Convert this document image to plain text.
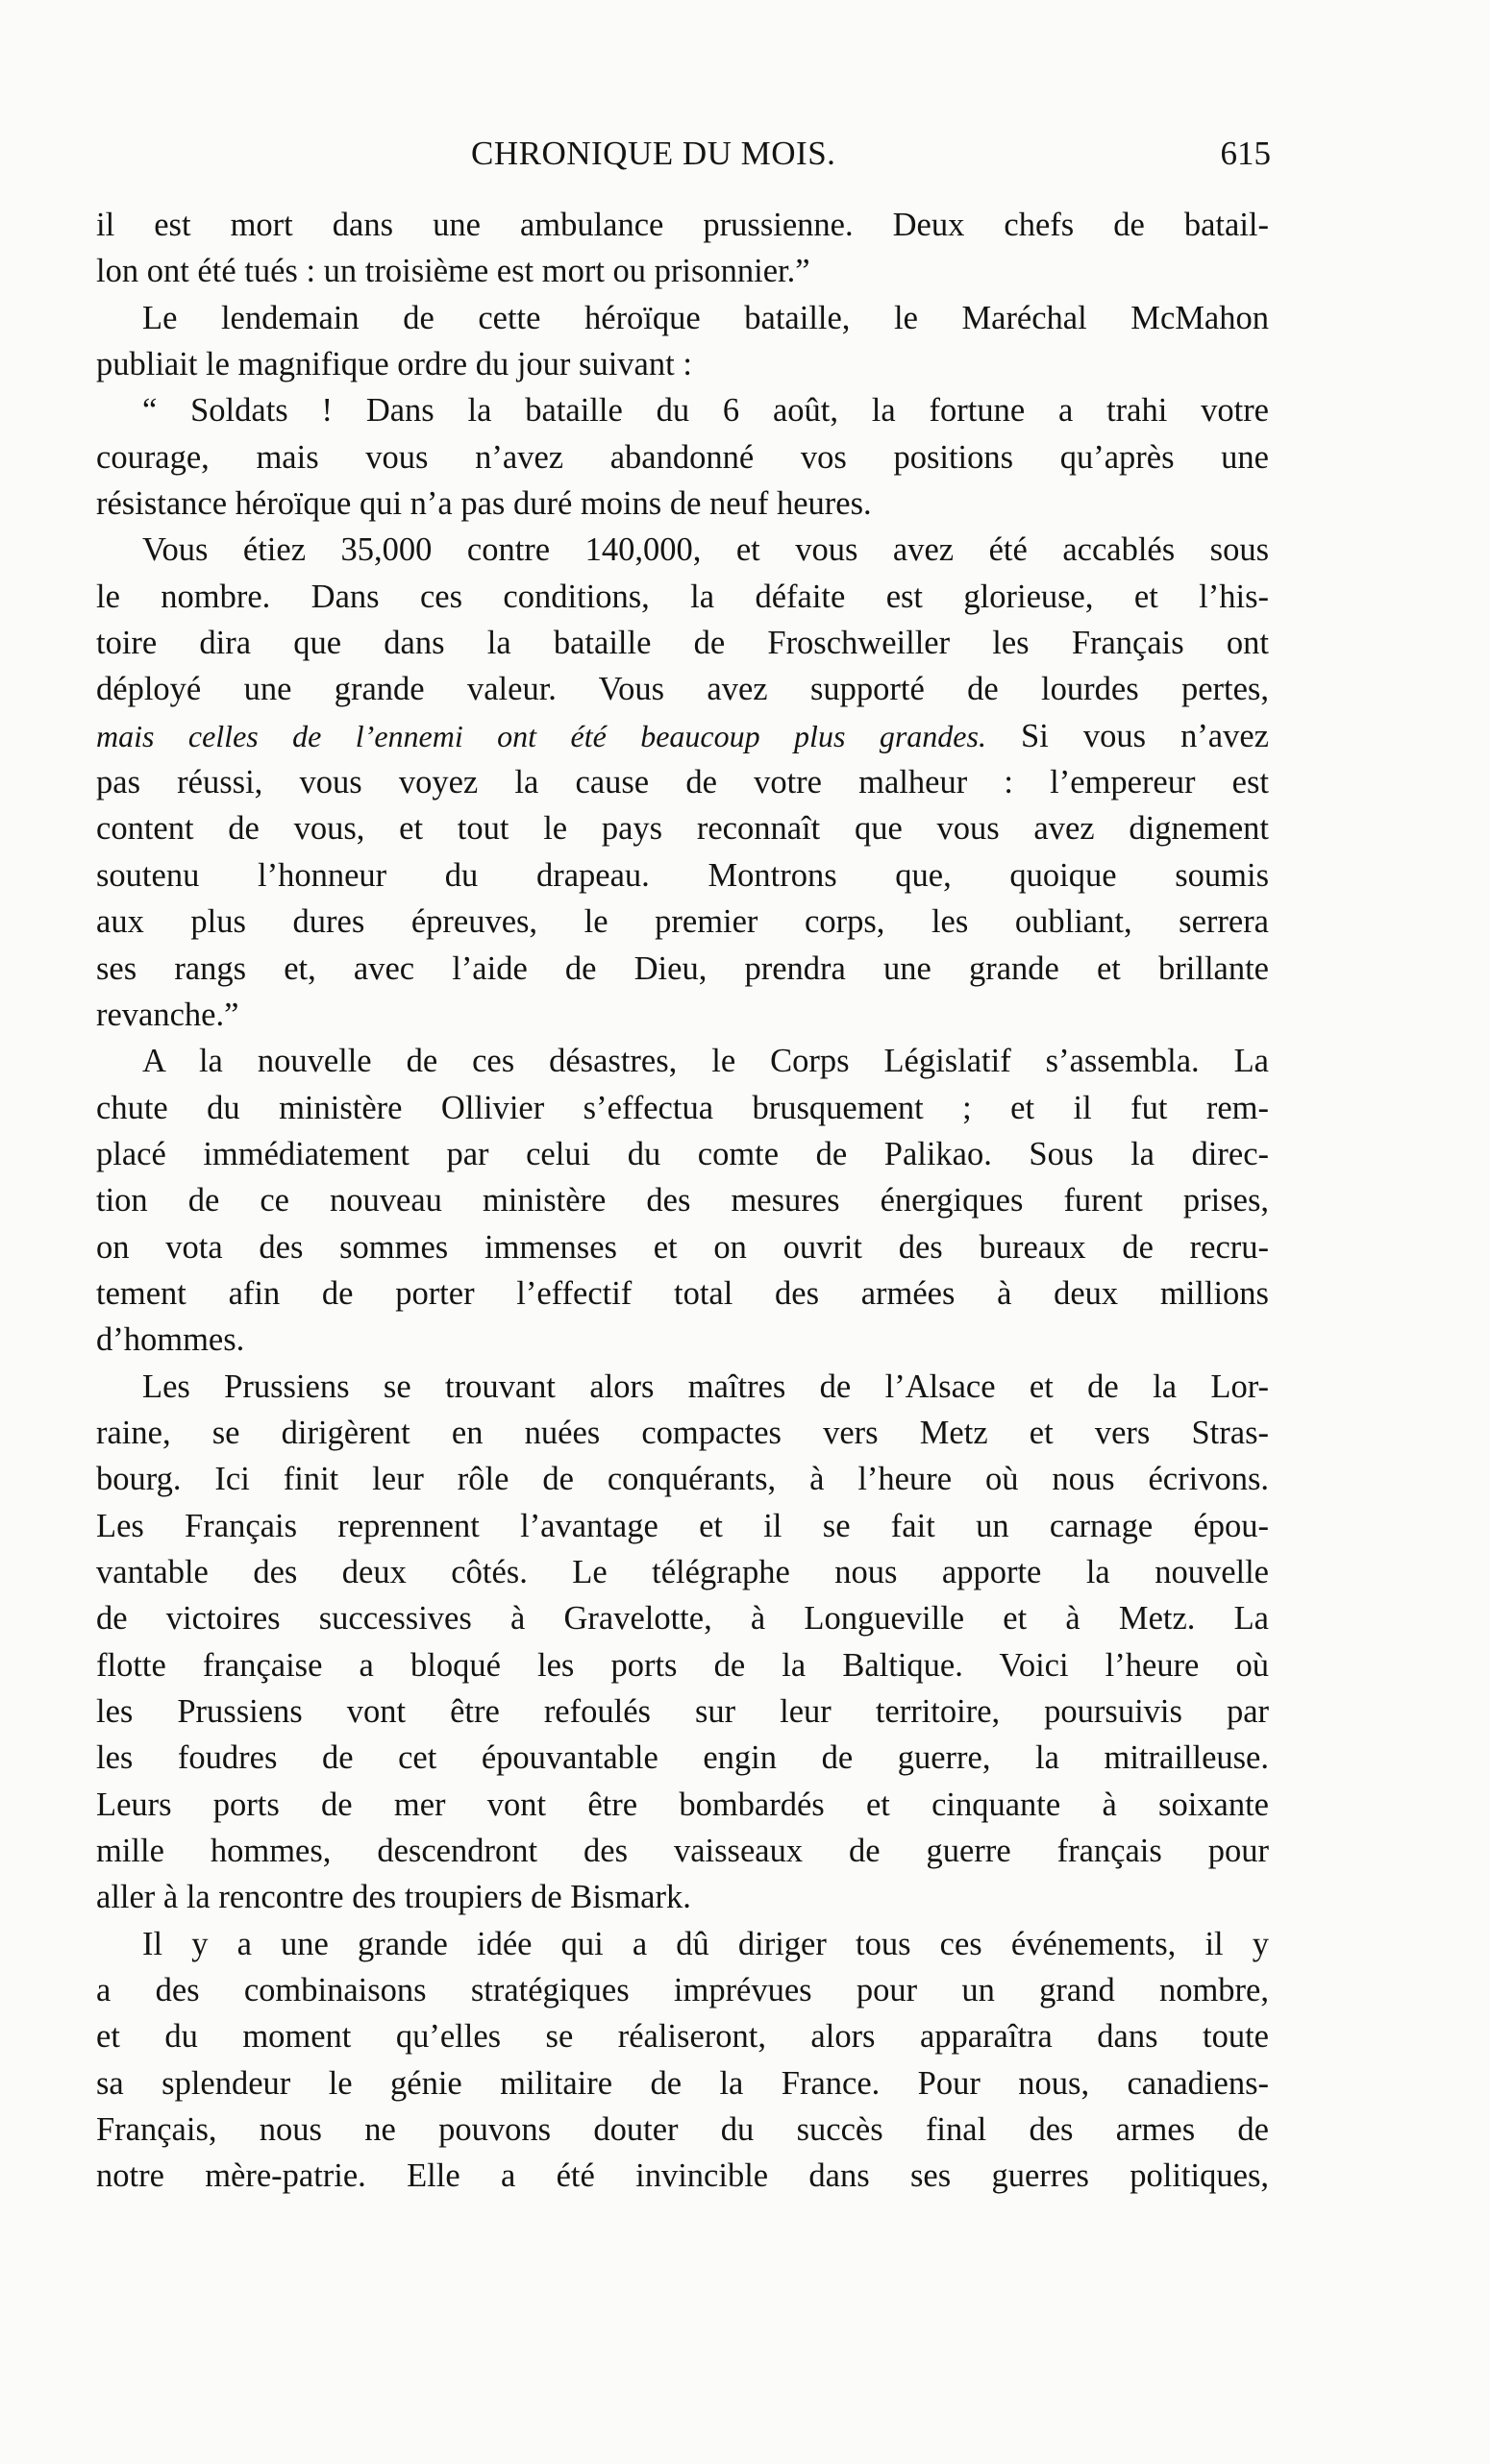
CHRONIQUE DU MOIS.	615
il est mort dans une ambulance prussienne. Deux chefs de batail-
lon ont été tués : un troisième est mort ou prisonnier.”
Le lendemain de cette héroïque bataille, le Maréchal McMahon
publiait le magnifique ordre du jour suivant :
“ Soldats ! Dans la bataille du 6 août, la fortune a trahi votre
courage, mais vous n’avez abandonné vos positions qu’après une
résistance héroïque qui n’a pas duré moins de neuf heures.
Vous étiez 35,000 contre 140,000, et vous avez été accablés sous
le nombre. Dans ces conditions, la défaite est glorieuse, et l’his-
toire dira que dans la bataille de Froschweiller les Français ont
déployé une grande valeur. Vous avez supporté de lourdes pertes,
mais celles de l’ennemi ont été beaucoup plus grandes. Si vous n’avez
pas réussi, vous voyez la cause de votre malheur : l’empereur est
content de vous, et tout le pays reconnaît que vous avez dignement
soutenu l’honneur du drapeau. Montrons que, quoique soumis
aux plus dures épreuves, le premier corps, les oubliant, serrera
ses rangs et, avec l’aide de Dieu, prendra une grande et brillante
revanche.”
A la nouvelle de ces désastres, le Corps Législatif s’assembla. La
chute du ministère Ollivier s’effectua brusquement ; et il fut rem-
placé immédiatement par celui du comte de Palikao. Sous la direc-
tion de ce nouveau ministère des mesures énergiques furent prises,
on vota des sommes immenses et on ouvrit des bureaux de recru-
tement afin de porter l’effectif total des armées à deux millions
d’hommes.
Les Prussiens se trouvant alors maîtres de l’Alsace et de la Lor-
raine, se dirigèrent en nuées compactes vers Metz et vers Stras-
bourg. Ici finit leur rôle de conquérants, à l’heure où nous écrivons.
Les Français reprennent l’avantage et il se fait un carnage épou-
vantable des deux côtés. Le télégraphe nous apporte la nouvelle
de victoires successives à Gravelotte, à Longueville et à Metz. La
flotte française a bloqué les ports de la Baltique. Voici l’heure où
les Prussiens vont être refoulés sur leur territoire, poursuivis par
les foudres de cet épouvantable engin de guerre, la mitrailleuse.
Leurs ports de mer vont être bombardés et cinquante à soixante
mille hommes, descendront des vaisseaux de guerre français pour
aller à la rencontre des troupiers de Bismark.
Il y a une grande idée qui a dû diriger tous ces événements, il y
a des combinaisons stratégiques imprévues pour un grand nombre,
et du moment qu’elles se réaliseront, alors apparaîtra dans toute
sa splendeur le génie militaire de la France. Pour nous, canadiens-
Français, nous ne pouvons douter du succès final des armes de
notre mère-patrie. Elle a été invincible dans ses guerres politiques,
